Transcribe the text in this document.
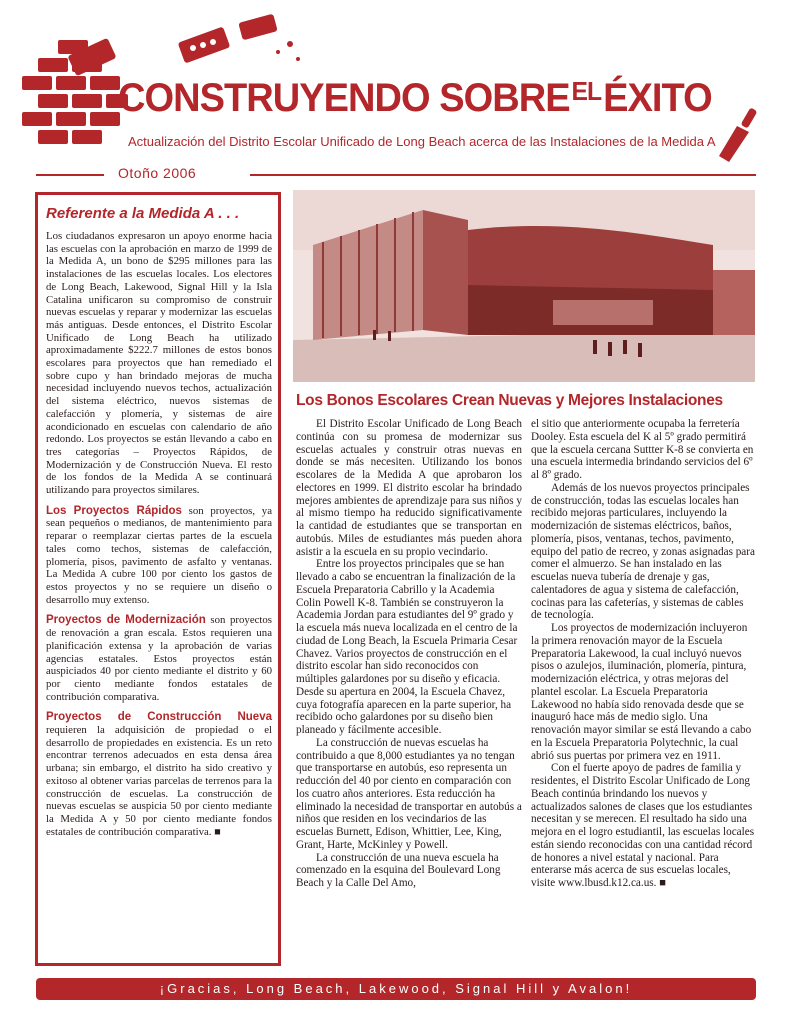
CONSTRUYENDO SOBREELÉXITO
Actualización del Distrito Escolar Unificado de Long Beach acerca de las Instalaciones de la Medida A
Otoño 2006
Referente a la Medida A . . .

Los ciudadanos expresaron un apoyo enorme hacia las escuelas con la aprobación en marzo de 1999 de la Medida A, un bono de $295 millones para las instalaciones de las escuelas locales. Los electores de Long Beach, Lakewood, Signal Hill y la Isla Catalina unificaron su compromiso de construir nuevas escuelas y reparar y modernizar las escuelas más antiguas. Desde entonces, el Distrito Escolar Unificado de Long Beach ha utilizado aproximadamente $222.7 millones de estos bonos escolares para proyectos que han remediado el sobre cupo y han brindado mejoras de mucha necesidad incluyendo nuevos techos, actualización del sistema eléctrico, nuevos sistemas de calefacción y plomería, y sistemas de aire acondicionado en escuelas con calendario de año redondo. Los proyectos se están llevando a cabo en tres categorías – Proyectos Rápidos, de Modernización y de Construcción Nueva. El resto de los fondos de la Medida A se continuará utilizando para proyectos similares.

Los Proyectos Rápidos son proyectos, ya sean pequeños o medianos, de mantenimiento para reparar o reemplazar ciertas partes de la escuela tales como techos, sistemas de calefacción, plomería, pisos, pavimento de asfalto y ventanas. La Medida A cubre 100 por ciento los gastos de estos proyectos y no se requiere un diseño o desarrollo muy extenso.

Proyectos de Modernización son proyectos de renovación a gran escala. Estos requieren una planificación extensa y la aprobación de varias agencias estatales. Estos proyectos están auspiciados 40 por ciento mediante el distrito y 60 por ciento mediante fondos estatales de contribución comparativa.

Proyectos de Construcción Nueva requieren la adquisición de propiedad o el desarrollo de propiedades en existencia. Es un reto encontrar terrenos adecuados en esta densa área urbana; sin embargo, el distrito ha sido creativo y exitoso al obtener varias parcelas de terrenos para la construcción de escuelas. La construcción de nuevas escuelas se auspicia 50 por ciento mediante la Medida A y 50 por ciento mediante fondos estatales de contribución comparativa. ■

Los Bonos Escolares Crean Nuevas y Mejores Instalaciones

El Distrito Escolar Unificado de Long Beach continúa con su promesa de modernizar sus escuelas actuales y construir otras nuevas en donde se más necesiten. Utilizando los bonos escolares de la Medida A que aprobaron los electores en 1999. El distrito escolar ha brindado mejores ambientes de aprendizaje para sus niños y al mismo tiempo ha reducido significativamente la cantidad de estudiantes que se transportan en autobús. Miles de estudiantes más pueden ahora asistir a la escuela en su propio vecindario.

Entre los proyectos principales que se han llevado a cabo se encuentran la finalización de la Escuela Preparatoria Cabrillo y la Academia Colin Powell K-8. También se construyeron la Academia Jordan para estudiantes del 9º grado y la escuela más nueva localizada en el centro de la ciudad de Long Beach, la Escuela Primaria Cesar Chavez. Varios proyectos de construcción en el distrito escolar han sido reconocidos con múltiples galardones por su diseño y eficacia. Desde su apertura en 2004, la Escuela Chavez, cuya fotografía aparecen en la parte superior, ha recibido ocho galardones por su diseño bien planeado y fácilmente accesible.

La construcción de nuevas escuelas ha contribuido a que 8,000 estudiantes ya no tengan que transportarse en autobús, eso representa un reducción del 40 por ciento en comparación con los cuatro años anteriores. Esta reducción ha eliminado la necesidad de transportar en autobús a niños que residen en los vecindarios de las escuelas Burnett, Edison, Whittier, Lee, King, Grant, Harte, McKinley y Powell.

La construcción de una nueva escuela ha comenzado en la esquina del Boulevard Long Beach y la Calle Del Amo,

el sitio que anteriormente ocupaba la ferretería Dooley. Esta escuela del K al 5º grado permitirá que la escuela cercana Suttter K-8 se convierta en una escuela intermedia brindando servicios del 6º al 8º grado.

Además de los nuevos proyectos principales de construcción, todas las escuelas locales han recibido mejoras particulares, incluyendo la modernización de sistemas eléctricos, baños, plomería, pisos, ventanas, techos, pavimento, equipo del patio de recreo, y zonas asignadas para comer el almuerzo. Se han instalado en las escuelas nueva tubería de drenaje y gas, calentadores de agua y sistema de calefacción, cocinas para las cafeterías, y sistemas de cables de tecnología.

Los proyectos de modernización incluyeron la primera renovación mayor de la Escuela Preparatoria Lakewood, la cual incluyó nuevos pisos o azulejos, iluminación, plomería, pintura, modernización eléctrica, y otras mejoras del plantel escolar. La Escuela Preparatoria Lakewood no había sido renovada desde que se inauguró hace más de medio siglo. Una renovación mayor similar se está llevando a cabo en la Escuela Preparatoria Polytechnic, la cual abrió sus puertas por primera vez en 1911.

Con el fuerte apoyo de padres de familia y residentes, el Distrito Escolar Unificado de Long Beach continúa brindando los nuevos y actualizados salones de clases que los estudiantes necesitan y se merecen. El resultado ha sido una mejora en el logro estudiantil, las escuelas locales están siendo reconocidas con una cantidad récord de honores a nivel estatal y nacional. Para enterarse más acerca de sus escuelas locales, visite www.lbusd.k12.ca.us. ■

¡Gracias, Long Beach, Lakewood, Signal Hill y Avalon!
